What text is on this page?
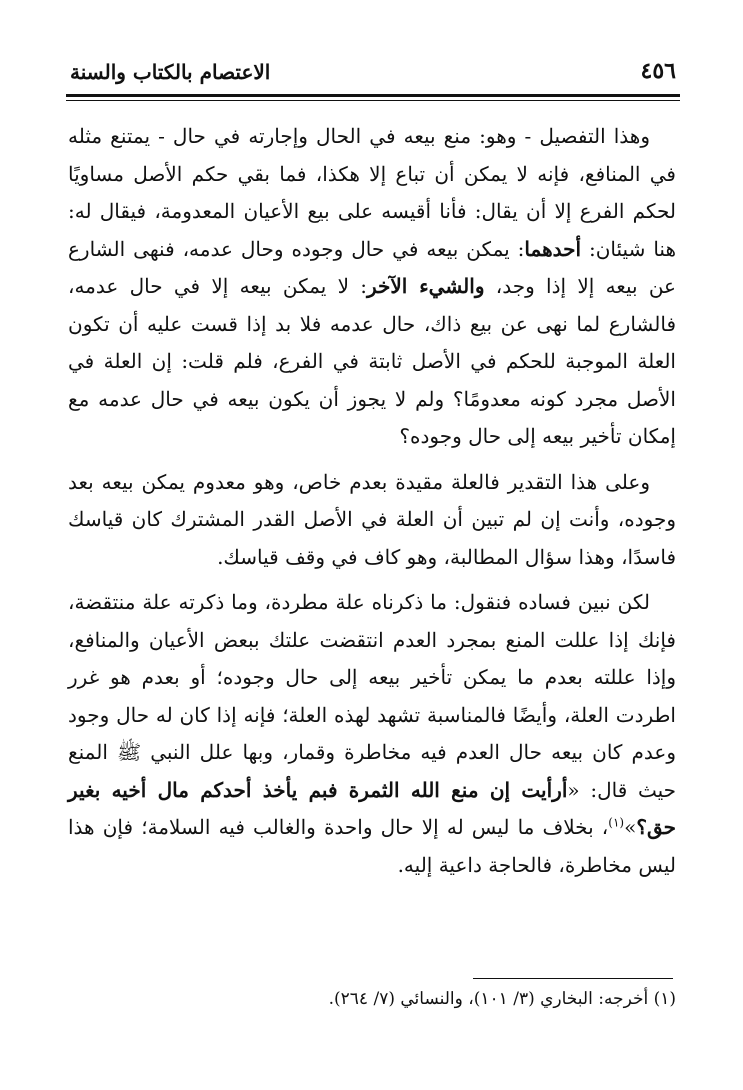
الاعتصام بالكتاب والسنة	٤٥٦

وهذا التفصيل - وهو: منع بيعه في الحال وإجارته في حال - يمتنع مثله في المنافع، فإنه لا يمكن أن تباع إلا هكذا، فما بقي حكم الأصل مساويًا لحكم الفرع إلا أن يقال: فأنا أقيسه على بيع الأعيان المعدومة، فيقال له: هنا شيئان: أحدهما: يمكن بيعه في حال وجوده وحال عدمه، فنهى الشارع عن بيعه إلا إذا وجد، والشيء الآخر: لا يمكن بيعه إلا في حال عدمه، فالشارع لما نهى عن بيع ذاك، حال عدمه فلا بد إذا قست عليه أن تكون العلة الموجبة للحكم في الأصل ثابتة في الفرع، فلم قلت: إن العلة في الأصل مجرد كونه معدومًا؟ ولم لا يجوز أن يكون بيعه في حال عدمه مع إمكان تأخير بيعه إلى حال وجوده؟

وعلى هذا التقدير فالعلة مقيدة بعدم خاص، وهو معدوم يمكن بيعه بعد وجوده، وأنت إن لم تبين أن العلة في الأصل القدر المشترك كان قياسك فاسدًا، وهذا سؤال المطالبة، وهو كاف في وقف قياسك.

لكن نبين فساده فنقول: ما ذكرناه علة مطردة، وما ذكرته علة منتقضة، فإنك إذا عللت المنع بمجرد العدم انتقضت علتك ببعض الأعيان والمنافع، وإذا عللته بعدم ما يمكن تأخير بيعه إلى حال وجوده؛ أو بعدم هو غرر اطردت العلة، وأيضًا فالمناسبة تشهد لهذه العلة؛ فإنه إذا كان له حال وجود وعدم كان بيعه حال العدم فيه مخاطرة وقمار، وبها علل النبي ﷺ المنع حيث قال: «أرأيت إن منع الله الثمرة فبم يأخذ أحدكم مال أخيه بغير حق؟»$^{(١)}$، بخلاف ما ليس له إلا حال واحدة والغالب فيه السلامة؛ فإن هذا ليس مخاطرة، فالحاجة داعية إليه.

(١) أخرجه: البخاري (٣/ ١٠١)، والنسائي (٧/ ٢٦٤).
